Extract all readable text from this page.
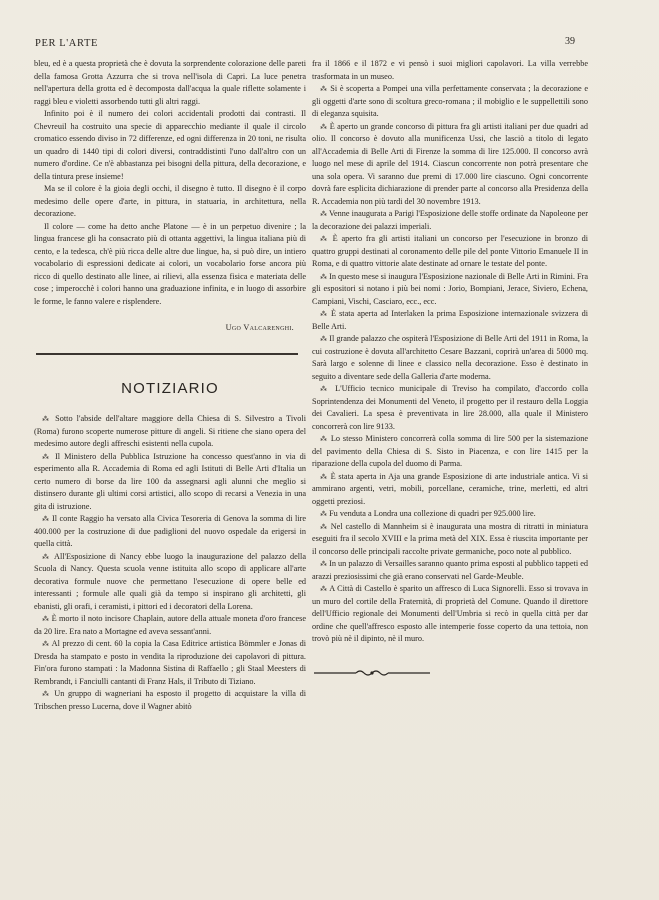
PER L'ARTE	39

bleu, ed è a questa proprietà che è dovuta la sorprendente colorazione delle pareti della famosa Grotta Azzurra che si trova nell'isola di Capri. La luce penetra nell'apertura della grotta ed è decomposta dall'acqua la quale riflette solamente i raggi bleu e violetti assorbendo tutti gli altri raggi.

Infinito poi è il numero dei colori accidentali prodotti dai contrasti. Il Chevreuil ha costruito una specie di apparecchio mediante il quale il circolo cromatico essendo diviso in 72 differenze, ed ogni differenza in 20 toni, ne risulta un quadro di 1440 tipi di colori diversi, contraddistinti l'uno dall'altro con un numero d'ordine. Ce n'è abbastanza pei bisogni della pittura, della decorazione, e della tintura prese insieme!

Ma se il colore è la gioia degli occhi, il disegno è tutto. Il disegno è il corpo medesimo delle opere d'arte, in pittura, in statuaria, in architettura, nella decorazione.

Il colore — come ha detto anche Platone — è in un perpetuo divenire ; la lingua francese gli ha consacrato più di ottanta aggettivi, la lingua italiana più di cento, e la tedesca, ch'è più ricca delle altre due lingue, ha, si può dire, un intiero vocabolario di espressioni dedicate ai colori, un vocabolario forse ancora più ricco di quello destinato alle linee, ai rilievi, alla essenza fisica e materiata delle cose ; imperocchè i colori hanno una graduazione infinita, e in luogo di assorbire le forme, le fanno valere e risplendere.

Ugo Valcarenghi.
NOTIZIARIO

⁂ Sotto l'abside dell'altare maggiore della Chiesa di S. Silvestro a Tivoli (Roma) furono scoperte numerose pitture di angeli. Si ritiene che siano opera del medesimo autore degli affreschi esistenti nella cupola.

⁂ Il Ministero della Pubblica Istruzione ha concesso quest'anno in via di esperimento alla R. Accademia di Roma ed agli Istituti di Belle Arti d'Italia un certo numero di borse da lire 100 da assegnarsi agli alunni che meglio si distinsero durante gli ultimi corsi artistici, allo scopo di recarsi a Venezia in una gita di istruzione.

⁂ Il conte Raggio ha versato alla Civica Tesoreria di Genova la somma di lire 400.000 per la costruzione di due padiglioni del nuovo ospedale da erigersi in quella città.

⁂ All'Esposizione di Nancy ebbe luogo la inaugurazione del palazzo della Scuola di Nancy. Questa scuola venne istituita allo scopo di applicare all'arte decorativa formule nuove che permettano l'esecuzione di opere belle ed interessanti ; formule alle quali già da tempo si inspirano gli architetti, gli ebanisti, gli orafi, i ceramisti, i pittori ed i decoratori della Lorena.

⁂ È morto il noto incisore Chaplain, autore della attuale moneta d'oro francese da 20 lire. Era nato a Mortagne ed aveva sessant'anni.

⁂ Al prezzo di cent. 60 la copia la Casa Editrice artistica Bömmler e Jonas di Dresda ha stampato e posto in vendita la riproduzione dei capolavori di pittura. Fin'ora furono stampati : la Madonna Sistina di Raffaello ; gli Staal Meesters di Rembrandt, i Fanciulli cantanti di Franz Hals, il Tributo di Tiziano.

⁂ Un gruppo di wagneriani ha esposto il progetto di acquistare la villa di Tribschen presso Lucerna, dove il Wagner abitò

fra il 1866 e il 1872 e vi pensò i suoi migliori capolavori. La villa verrebbe trasformata in un museo.

⁂ Si è scoperta a Pompei una villa perfettamente conservata ; la decorazione e gli oggetti d'arte sono di scoltura greco-romana ; il mobiglio e le suppellettili sono di eleganza squisita.

⁂ È aperto un grande concorso di pittura fra gli artisti italiani per due quadri ad olio. Il concorso è dovuto alla munificenza Ussi, che lasciò a titolo di legato all'Accademia di Belle Arti di Firenze la somma di lire 125.000. Il concorso avrà luogo nel mese di aprile del 1914. Ciascun concorrente non potrà presentare che una sola opera. Vi saranno due premi di 17.000 lire ciascuno. Ogni concorrente dovrà fare esplicita dichiarazione di prender parte al concorso alla Presidenza della R. Accademia non più tardi del 30 novembre 1913.

⁂ Venne inaugurata a Parigi l'Esposizione delle stoffe ordinate da Napoleone per la decorazione dei palazzi imperiali.

⁂ È aperto fra gli artisti italiani un concorso per l'esecuzione in bronzo di quattro gruppi destinati al coronamento delle pile del ponte Vittorio Emanuele II in Roma, e di quattro vittorie alate destinate ad ornare le testate del ponte.

⁂ In questo mese si inaugura l'Esposizione nazionale di Belle Arti in Rimini. Fra gli espositori si notano i più bei nomi : Jorio, Bompiani, Jerace, Siviero, Echena, Campiani, Vischi, Casciaro, ecc., ecc.

⁂ È stata aperta ad Interlaken la prima Esposizione internazionale svizzera di Belle Arti.

⁂ Il grande palazzo che ospiterà l'Esposizione di Belle Arti del 1911 in Roma, la cui costruzione è dovuta all'architetto Cesare Bazzani, coprirà un'area di 5000 mq. Sarà largo e solenne di linee e classico nella decorazione. Esso è destinato in seguito a diventare sede della Galleria d'arte moderna.

⁂ L'Ufficio tecnico municipale di Treviso ha compilato, d'accordo colla Soprintendenza dei Monumenti del Veneto, il progetto per il restauro della Loggia dei Cavalieri. La spesa è preventivata in lire 28.000, alla quale il Ministero concorrerà con lire 9133.

⁂ Lo stesso Ministero concorrerà colla somma di lire 500 per la sistemazione del pavimento della Chiesa di S. Sisto in Piacenza, e con lire 1415 per la riparazione della cupola del duomo di Parma.

⁂ È stata aperta in Aja una grande Esposizione di arte industriale antica. Vi si ammirano argenti, vetri, mobili, porcellane, ceramiche, trine, merletti, ed altri oggetti preziosi.

⁂ Fu venduta a Londra una collezione di quadri per 925.000 lire.

⁂ Nel castello di Mannheim si è inaugurata una mostra di ritratti in miniatura eseguiti fra il secolo XVIII e la prima metà del XIX. Essa è riuscita importante per il concorso delle principali raccolte private germaniche, poco note al pubblico.

⁂ In un palazzo di Versailles saranno quanto prima esposti al pubblico tappeti ed arazzi preziosissimi che già erano conservati nel Garde-Meuble.

⁂ A Città di Castello è sparito un affresco di Luca Signorelli. Esso si trovava in un muro del cortile della Fraternità, di proprietà del Comune. Quando il direttore dell'Ufficio regionale dei Monumenti dell'Umbria si recò in quella città per dar ordine che quell'affresco esposto alle intemperie fosse coperto da una tettoia, non trovò più nè il dipinto, nè il muro.
